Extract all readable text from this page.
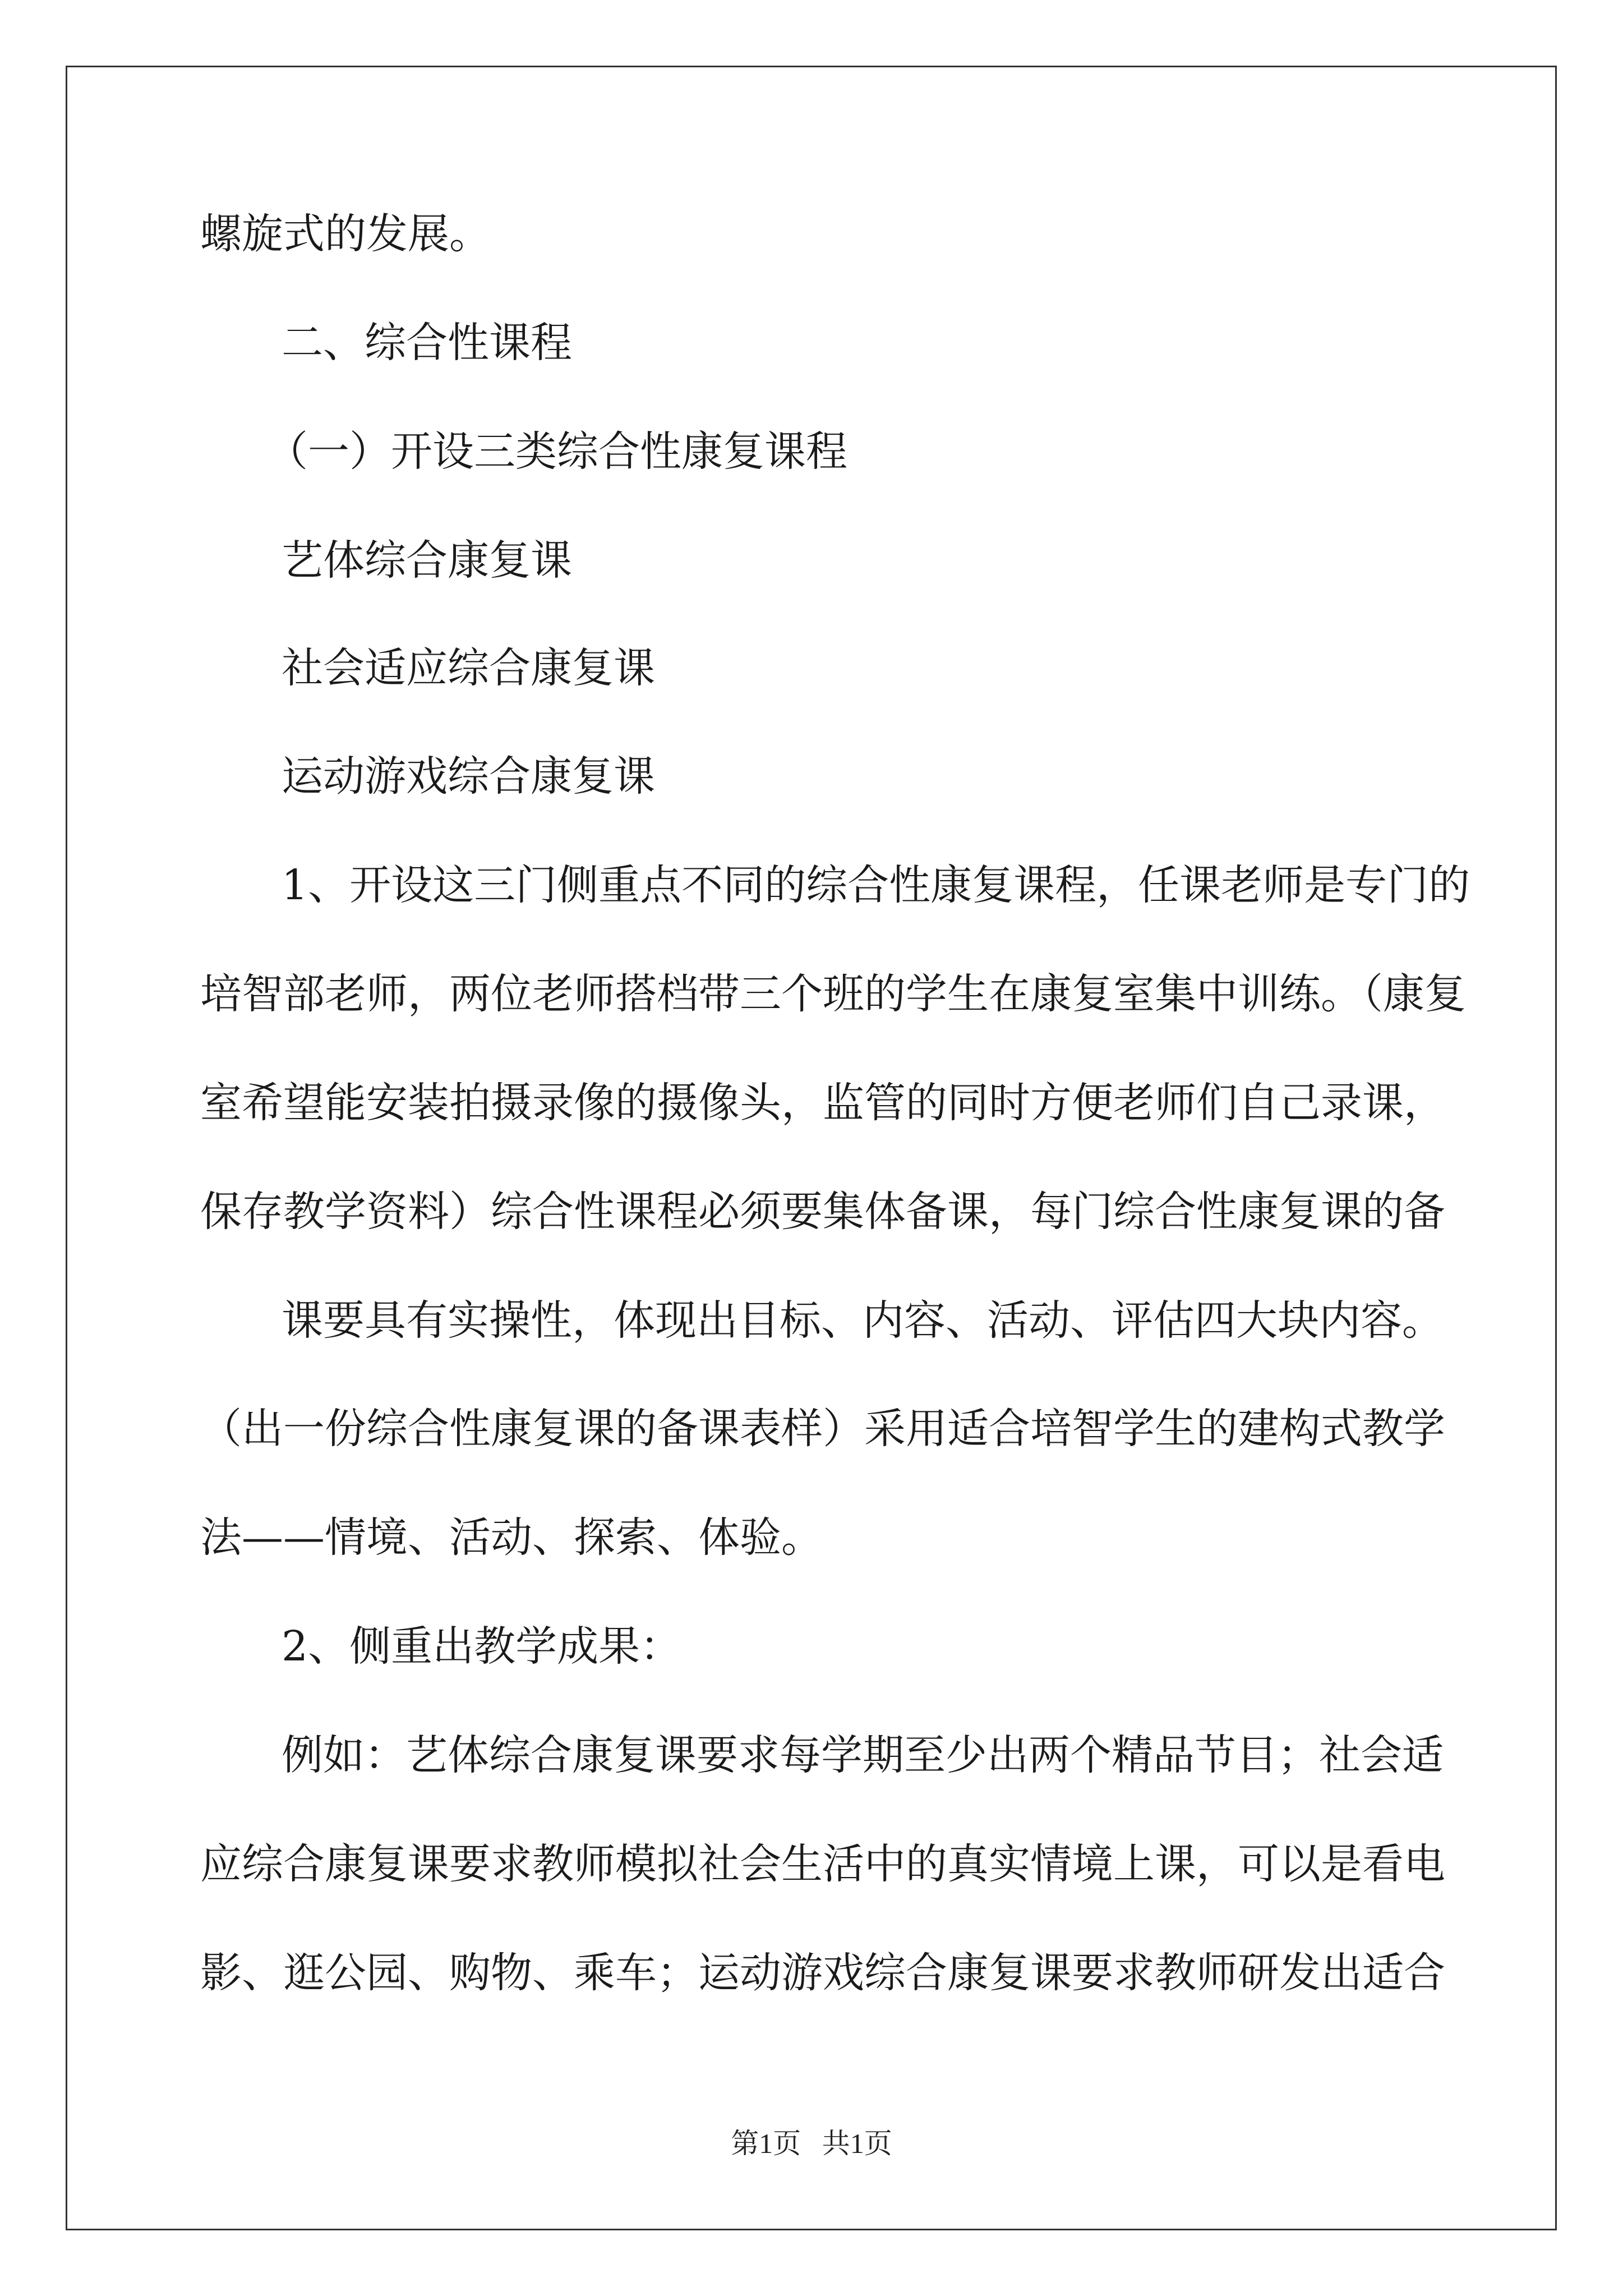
螺旋式的发展。

二、综合性课程

（一）开设三类综合性康复课程

艺体综合康复课

社会适应综合康复课

运动游戏综合康复课

1、开设这三门侧重点不同的综合性康复课程，任课老师是专门的

培智部老师，两位老师搭档带三个班的学生在康复室集中训练。（康复

室希望能安装拍摄录像的摄像头，监管的同时方便老师们自己录课，

保存教学资料）综合性课程必须要集体备课，每门综合性康复课的备

课要具有实操性，体现出目标、内容、活动、评估四大块内容。

（出一份综合性康复课的备课表样）采用适合培智学生的建构式教学

法——情境、活动、探索、体验。

2、侧重出教学成果：

例如：艺体综合康复课要求每学期至少出两个精品节目；社会适

应综合康复课要求教师模拟社会生活中的真实情境上课，可以是看电

影、逛公园、购物、乘车；运动游戏综合康复课要求教师研发出适合

第1页   共1页
